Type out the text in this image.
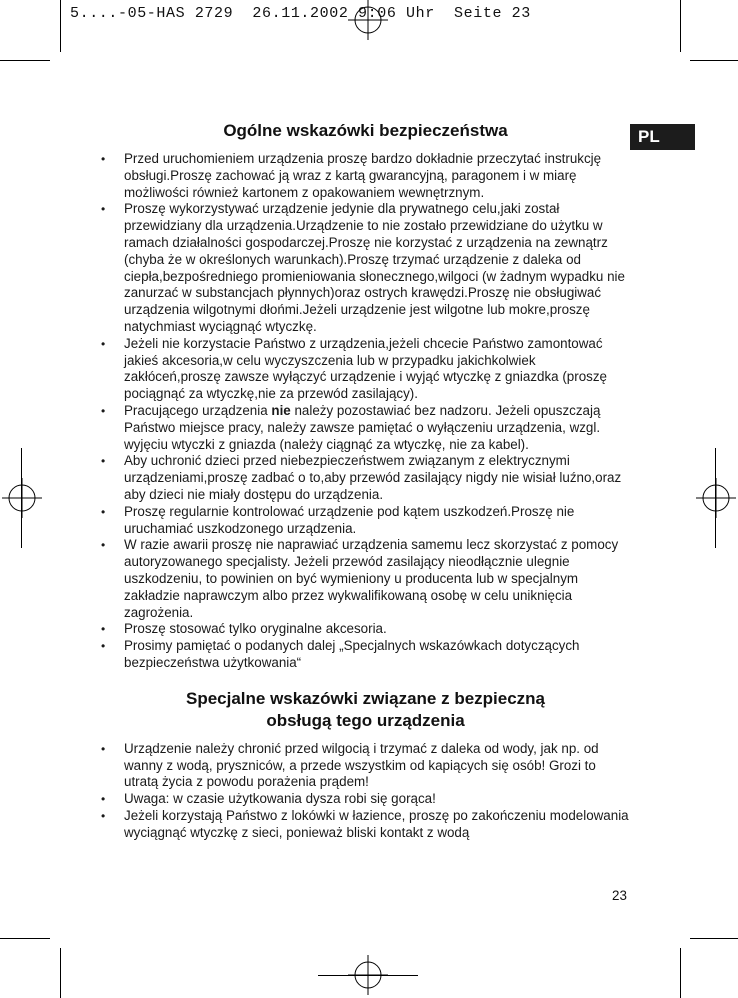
5....-05-HAS 2729  26.11.2002 9:06 Uhr  Seite 23
PL
Ogólne wskazówki bezpieczeństwa
• Przed uruchomieniem urządzenia proszę bardzo dokładnie przeczytać instrukcję obsługi.Proszę zachować ją wraz z kartą gwarancyjną, paragonem i w miarę możliwości również kartonem z opakowaniem wewnętrznym.
• Proszę wykorzystywać urządzenie jedynie dla prywatnego celu,jaki został przewidziany dla urządzenia.Urządzenie to nie zostało przewidziane do użytku w ramach działalności gospodarczej.Proszę nie korzystać z urządzenia na zewnątrz (chyba że w określonych warunkach).Proszę trzymać urządzenie z daleka od ciepła,bezpośredniego promieniowania słonecznego,wilgoci (w żadnym wypadku nie zanurzać w substancjach płynnych)oraz ostrych krawędzi.Proszę nie obsługiwać urządzenia wilgotnymi dłońmi.Jeżeli urządzenie jest wilgotne lub mokre,proszę natychmiast wyciągnąć wtyczkę.
• Jeżeli nie korzystacie Państwo z urządzenia,jeżeli chcecie Państwo zamontować jakieś akcesoria,w celu wyczyszczenia lub w przypadku jakichkolwiek zakłóceń,proszę zawsze wyłączyć urządzenie i wyjąć wtyczkę z gniazdka (proszę pociągnąć za wtyczkę,nie za przewód zasilający).
• Pracującego urządzenia nie należy pozostawiać bez nadzoru. Jeżeli opuszczają Państwo miejsce pracy, należy zawsze pamiętać o wyłączeniu urządzenia, wzgl. wyjęciu wtyczki z gniazda (należy ciągnąć za wtyczkę, nie za kabel).
• Aby uchronić dzieci przed niebezpieczeństwem związanym z elektrycznymi urządzeniami,proszę zadbać o to,aby przewód zasilający nigdy nie wisiał luźno,oraz aby dzieci nie miały dostępu do urządzenia.
• Proszę regularnie kontrolować urządzenie pod kątem uszkodzeń.Proszę nie uruchamiać uszkodzonego urządzenia.
• W razie awarii proszę nie naprawiać urządzenia samemu lecz skorzystać z pomocy autoryzowanego specjalisty. Jeżeli przewód zasilający nieodłącznie ulegnie uszkodzeniu, to powinien on być wymieniony u producenta lub w specjalnym zakładzie naprawczym albo przez wykwalifikowaną osobę w celu uniknięcia zagrożenia.
• Proszę stosować tylko oryginalne akcesoria.
• Prosimy pamiętać o podanych dalej „Specjalnych wskazówkach dotyczących bezpieczeństwa użytkowania“
Specjalne wskazówki związane z bezpieczną
obsługą tego urządzenia
• Urządzenie należy chronić przed wilgocią i trzymać z daleka od wody, jak np. od wanny z wodą, pryszniców, a przede wszystkim od kapiących się osób! Grozi to utratą życia z powodu porażenia prądem!
• Uwaga: w czasie użytkowania dysza robi się gorąca!
• Jeżeli korzystają Państwo z lokówki w łazience, proszę po zakończeniu modelowania wyciągnąć wtyczkę z sieci, ponieważ bliski kontakt z wodą
23
